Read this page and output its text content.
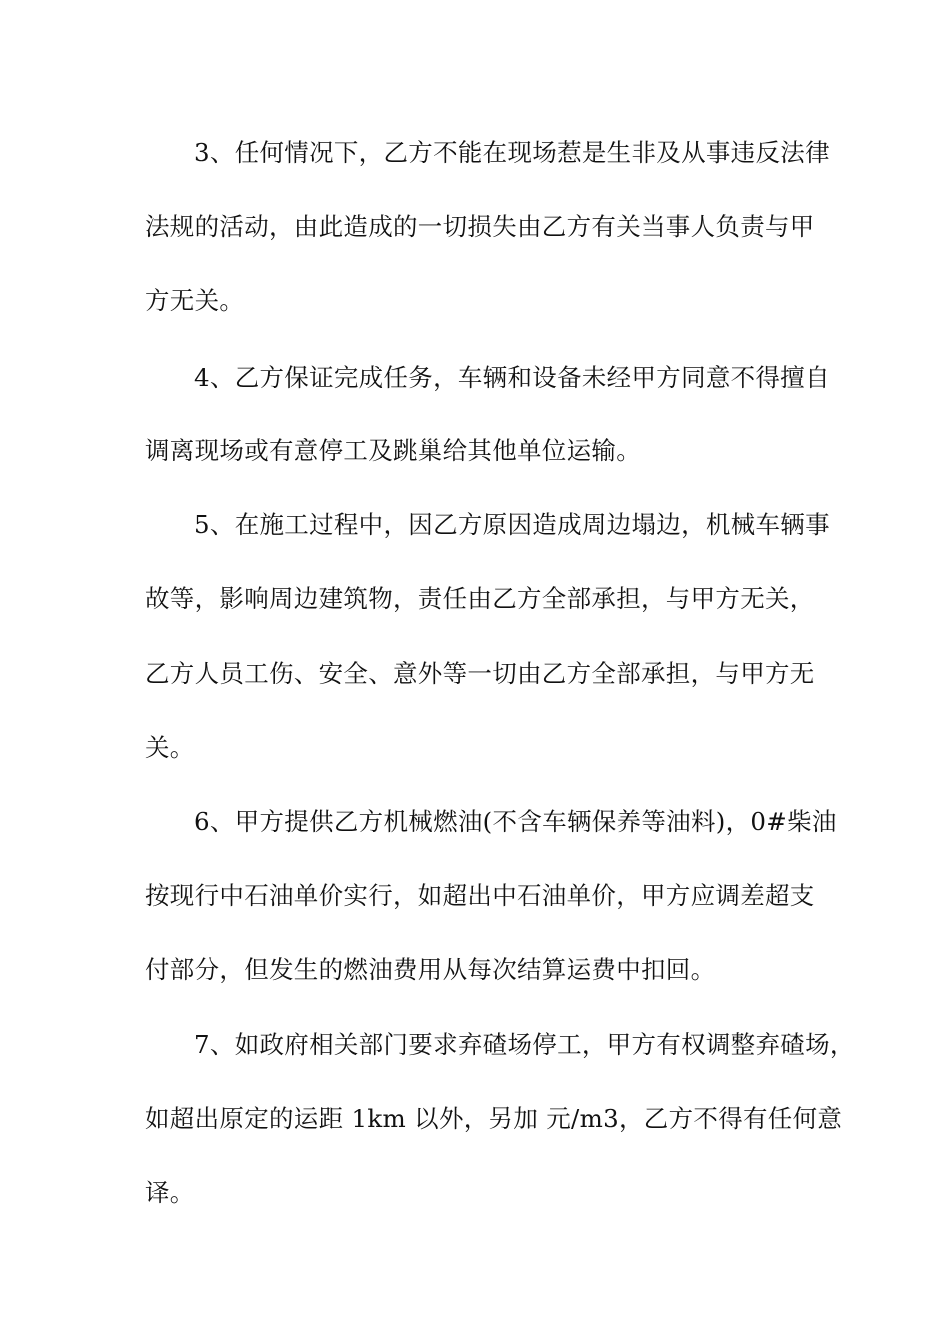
3、任何情况下，乙方不能在现场惹是生非及从事违反法律
法规的活动，由此造成的一切损失由乙方有关当事人负责与甲
方无关。
4、乙方保证完成任务，车辆和设备未经甲方同意不得擅自
调离现场或有意停工及跳巢给其他单位运输。
5、在施工过程中，因乙方原因造成周边塌边，机械车辆事
故等，影响周边建筑物，责任由乙方全部承担，与甲方无关，
乙方人员工伤、安全、意外等一切由乙方全部承担，与甲方无
关。
6、甲方提供乙方机械燃油(不含车辆保养等油料)，0#柴油
按现行中石油单价实行，如超出中石油单价，甲方应调差超支
付部分，但发生的燃油费用从每次结算运费中扣回。
7、如政府相关部门要求弃碴场停工，甲方有权调整弃碴场，
如超出原定的运距 1km 以外，另加 元/m3，乙方不得有任何意
译。
